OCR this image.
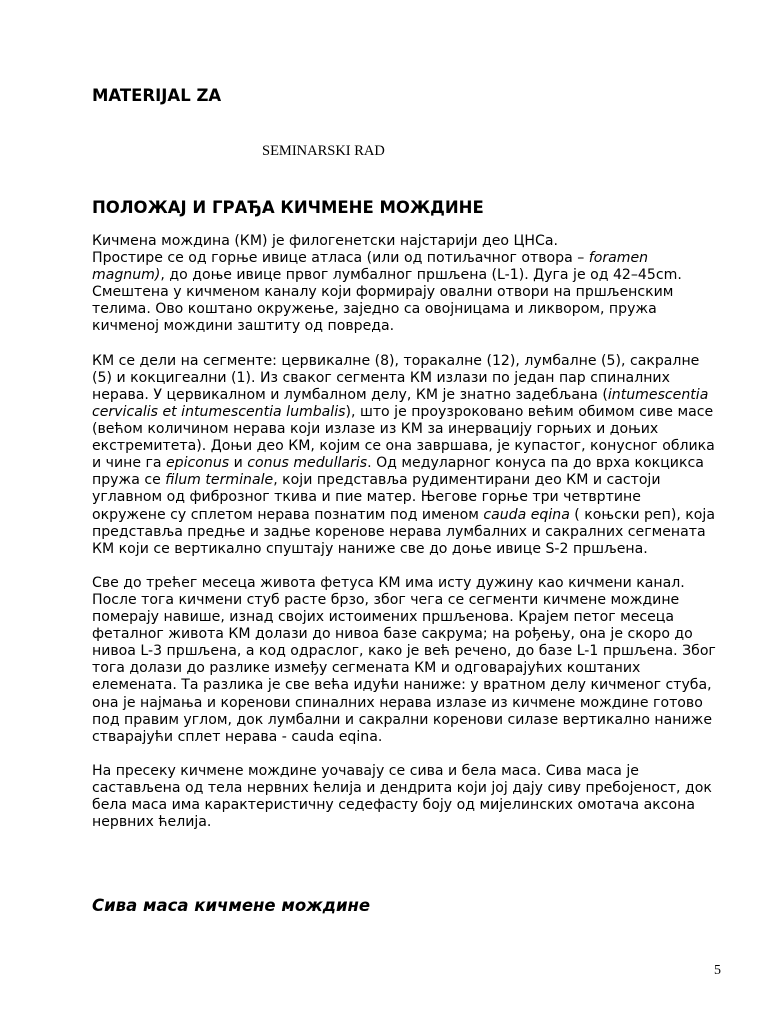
MATERIJAL ZA
SEMINARSKI RAD
ПОЛОЖАЈ И ГРАЂА КИЧМЕНЕ МОЖДИНЕ

Кичмена мождина (КМ) је филогенетски најстарији део ЦНСа.
Простире се од горње ивице атласа (или од потиљачног отвора – foramen magnum), до доње ивице првог лумбалног пршљена (L-1). Дуга је од 42–45cm. Смештена у кичменом каналу који формирају овални отвори на пршљенским телима. Ово коштано окружење, заједно са овојницама и ликвором, пружа кичменој мождини заштиту од повреда.

КМ се дели на сегменте: цервикалне (8), торакалне (12), лумбалне (5), сакралне (5) и кокцигеални (1). Из сваког сегмента КМ излази по један пар спиналних нерава. У цервикалном и лумбалном делу, КМ је знатно задебљана (intumescentia cervicalis et intumescentia lumbalis), што је проузроковано већим обимом сиве масе (већом количином нерава који излазе из КМ за инервацију горњих и доњих екстремитета). Доњи део КМ, којим се она завршава, је купастог, конусног облика и чине га epiconus и conus medullaris. Од медуларног конуса па до врха кокцикса пружа се filum terminale, који представља рудиментирани део КМ и састоји углавном од фиброзног ткива и пие матер. Његове горње три четвртине окружене су сплетом нерава познатим под именом cauda eqina ( коњски реп), која представља предње и задње коренове нерава лумбалних и сакралних сегмената КМ који се вертикално спуштају наниже све до доње ивице S-2 пршљена.

Све до трећег месеца живота фетуса КМ има исту дужину као кичмени канал. После тога кичмени стуб расте брзо, због чега се сегменти кичмене мождине померају навише, изнад својих истоимених пршљенова. Крајем петог месеца феталног живота КМ долази до нивоа базе сакрума; на рођењу, она је скоро до нивоа L-3 пршљена, а код одраслог, како је већ речено, до базе L-1 пршљена. Због тога долази до разлике између сегмената КМ и одговарајућих коштаних елемената. Та разлика је све већа идући наниже: у вратном делу кичменог стуба, она је најмања и коренови спиналних нерава излазе из кичмене мождине готово под правим углом, док лумбални и сакрални коренови силазе вертикално наниже стварајући сплет нерава - cauda eqina.

На пресеку кичмене мождине уочавају се сива и бела маса. Сива маса је састављена од тела нервних ћелија и дендрита који јој дају сиву пребојеност, док бела маса има карактеристичну седефасту боју од мијелинских омотача аксона нервних ћелија.

Сива маса кичмене мождине
5
